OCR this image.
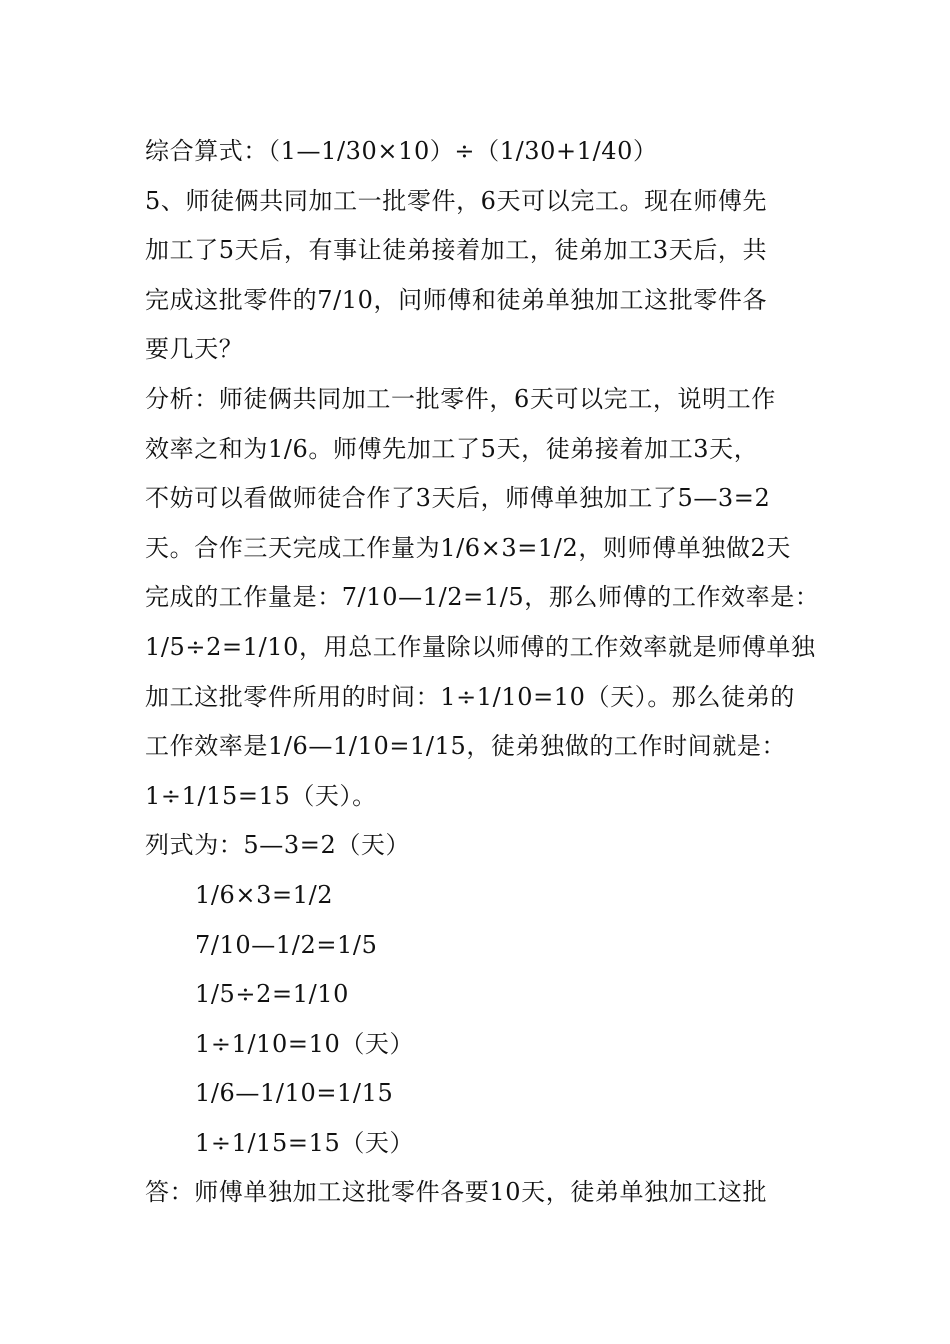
综合算式：（1—1/30×10）÷（1/30+1/40）
5、师徒俩共同加工一批零件，6天可以完工。现在师傅先
加工了5天后，有事让徒弟接着加工，徒弟加工3天后，共
完成这批零件的7/10，问师傅和徒弟单独加工这批零件各
要几天？
分析：师徒俩共同加工一批零件，6天可以完工，说明工作
效率之和为1/6。师傅先加工了5天，徒弟接着加工3天，
不妨可以看做师徒合作了3天后，师傅单独加工了5—3=2
天。合作三天完成工作量为1/6×3=1/2，则师傅单独做2天
完成的工作量是：7/10—1/2=1/5，那么师傅的工作效率是：
1/5÷2=1/10，用总工作量除以师傅的工作效率就是师傅单独
加工这批零件所用的时间：1÷1/10=10（天）。那么徒弟的
工作效率是1/6—1/10=1/15，徒弟独做的工作时间就是：
1÷1/15=15（天）。
列式为：5—3=2（天）
1/6×3=1/2
7/10—1/2=1/5
1/5÷2=1/10
1÷1/10=10（天）
1/6—1/10=1/15
1÷1/15=15（天）
答：师傅单独加工这批零件各要10天，徒弟单独加工这批
